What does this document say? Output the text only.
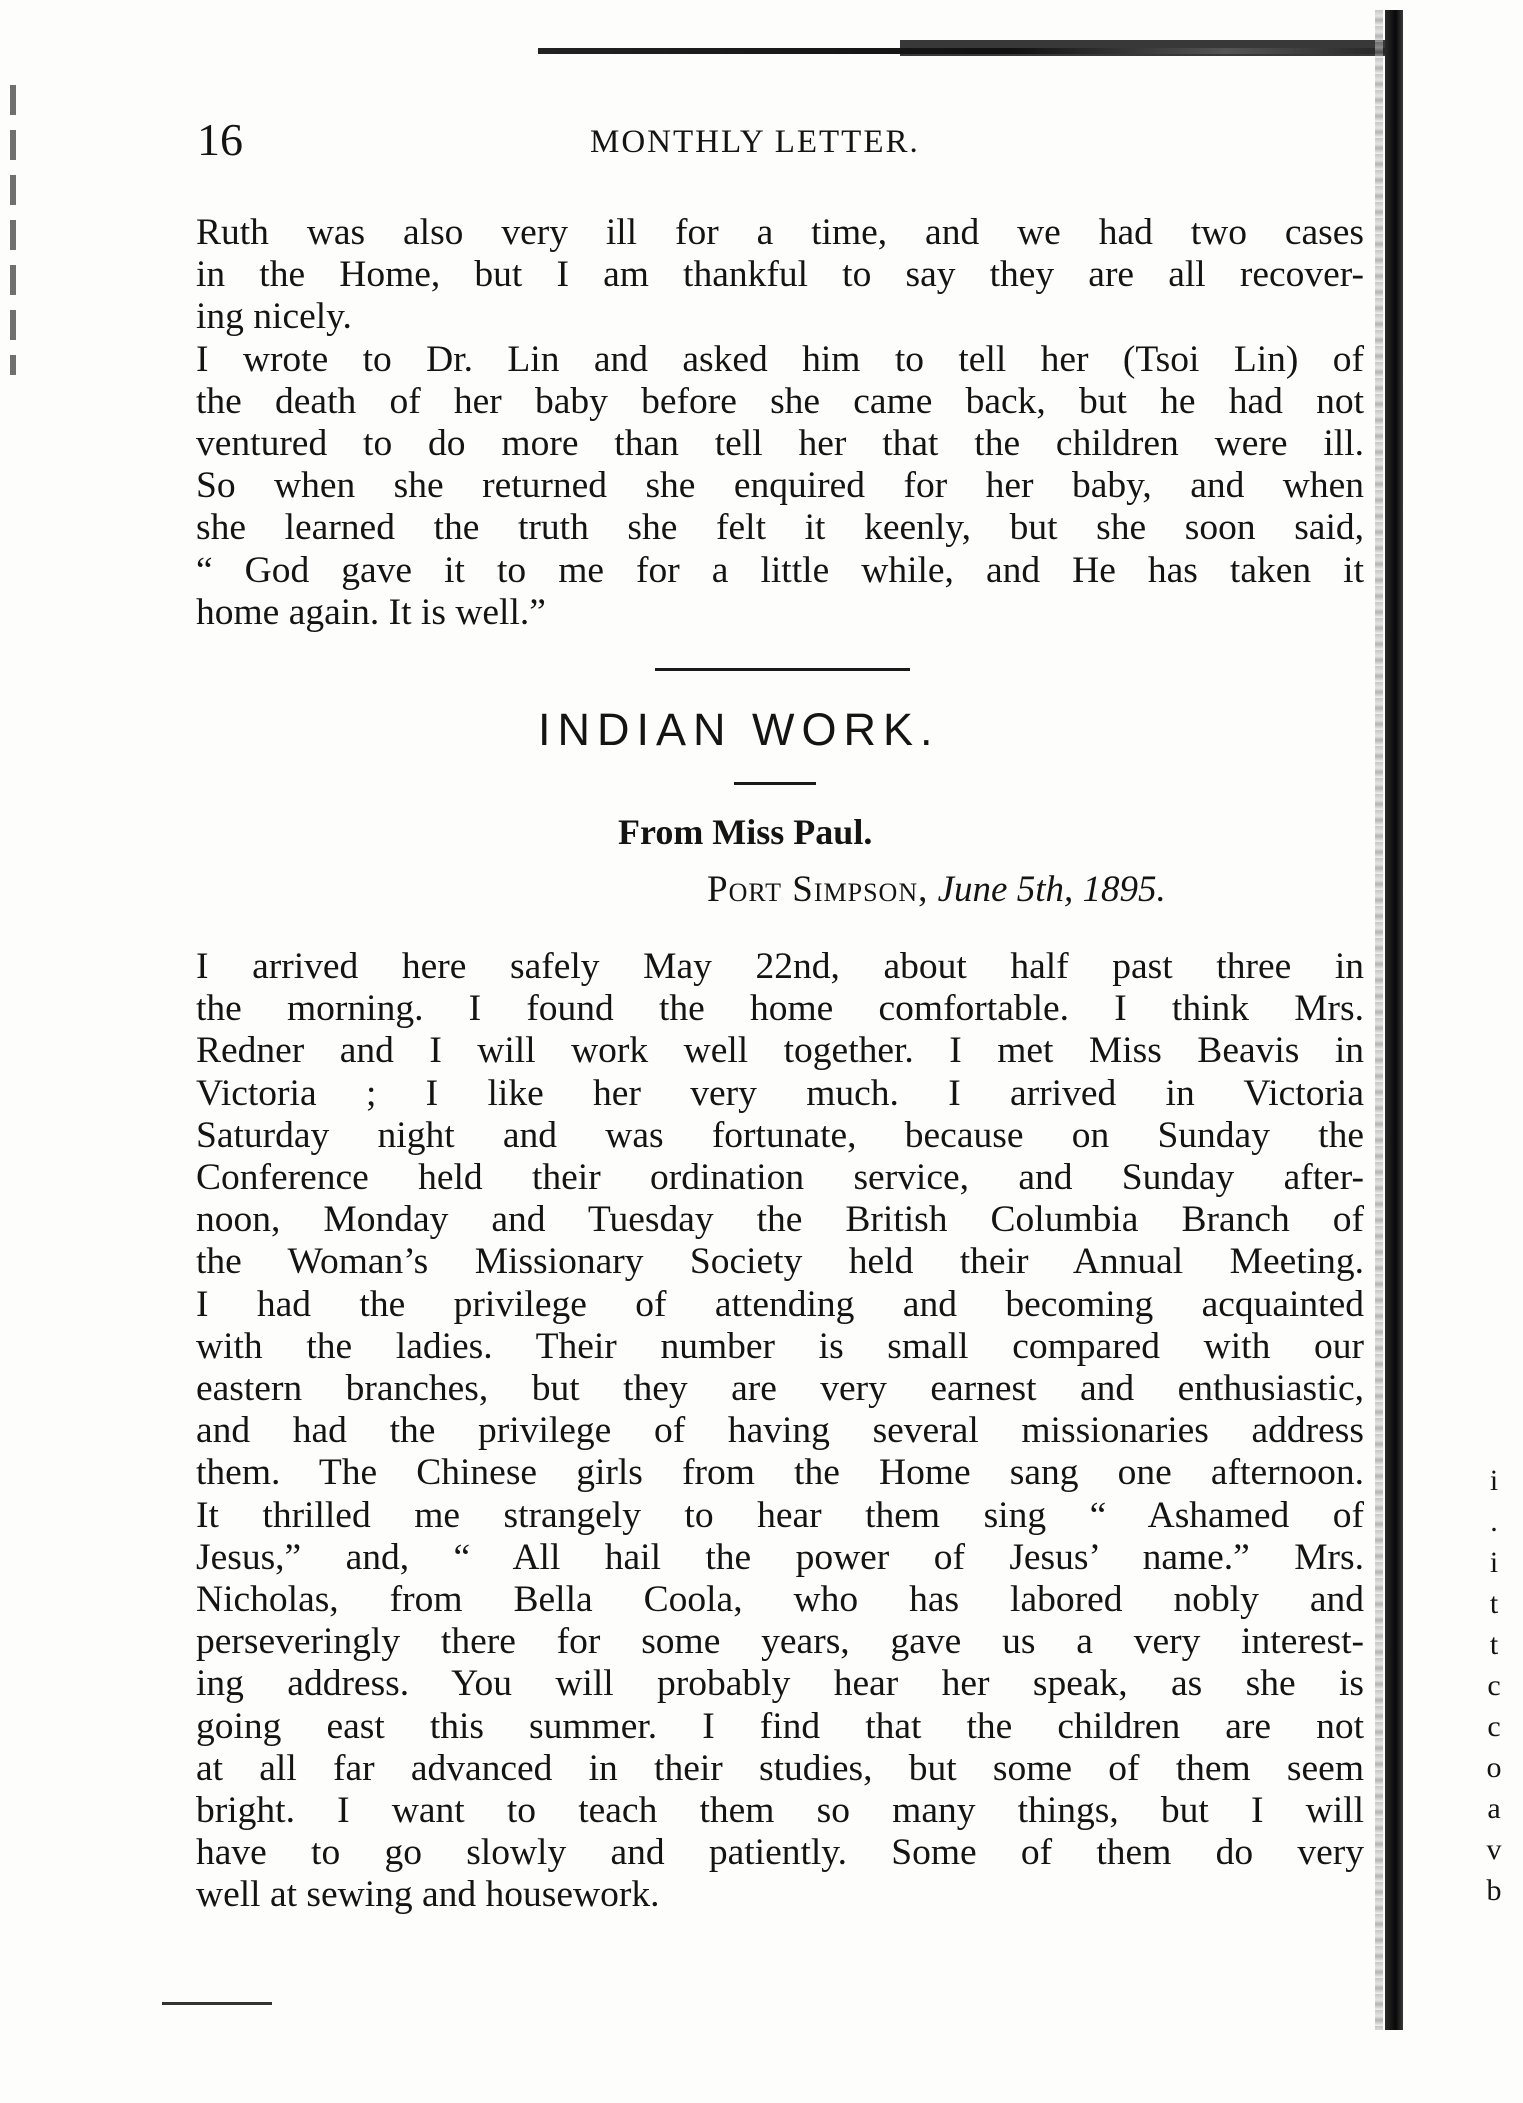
16	MONTHLY LETTER.
Ruth was also very ill for a time, and we had two cases
in the Home, but I am thankful to say they are all recover-
ing nicely.
I wrote to Dr. Lin and asked him to tell her (Tsoi Lin) of
the death of her baby before she came back, but he had not
ventured to do more than tell her that the children were ill.
So when she returned she enquired for her baby, and when
she learned the truth she felt it keenly, but she soon said,
“ God gave it to me for a little while, and He has taken it
home again. It is well.”
INDIAN WORK.
From Miss Paul.
Port Simpson, June 5th, 1895.
I arrived here safely May 22nd, about half past three in
the morning. I found the home comfortable. I think Mrs.
Redner and I will work well together. I met Miss Beavis in
Victoria ; I like her very much. I arrived in Victoria
Saturday night and was fortunate, because on Sunday the
Conference held their ordination service, and Sunday after-
noon, Monday and Tuesday the British Columbia Branch of
the Woman’s Missionary Society held their Annual Meeting.
I had the privilege of attending and becoming acquainted
with the ladies. Their number is small compared with our
eastern branches, but they are very earnest and enthusiastic,
and had the privilege of having several missionaries address
them. The Chinese girls from the Home sang one afternoon.
It thrilled me strangely to hear them sing “ Ashamed of
Jesus,” and, “ All hail the power of Jesus’ name.” Mrs.
Nicholas, from Bella Coola, who has labored nobly and
perseveringly there for some years, gave us a very interest-
ing address. You will probably hear her speak, as she is
going east this summer. I find that the children are not
at all far advanced in their studies, but some of them seem
bright. I want to teach them so many things, but I will
have to go slowly and patiently. Some of them do very
well at sewing and housework.
i
.
i
t
t
c
c
o
a
v
b
